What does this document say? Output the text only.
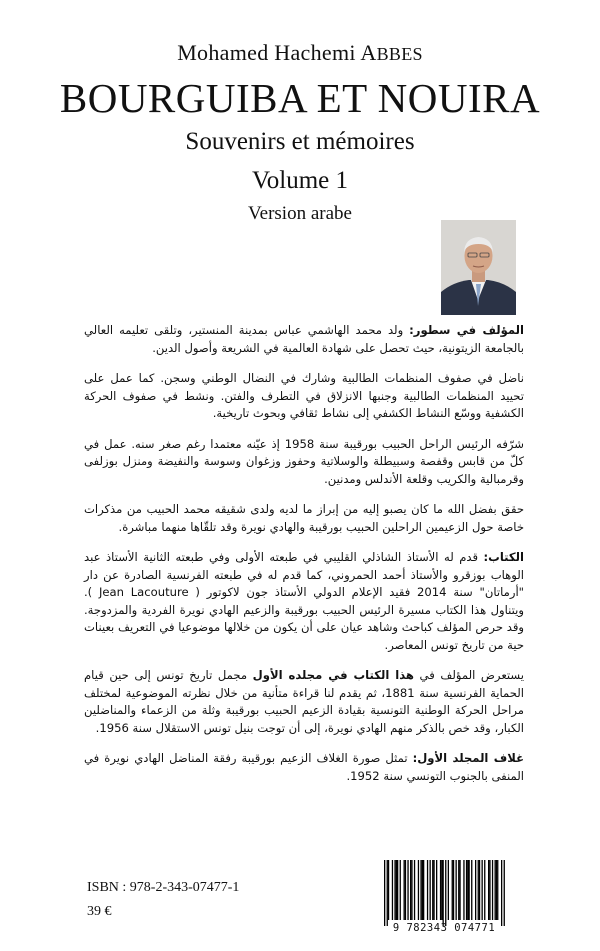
Mohamed Hachemi ABBES
BOURGUIBA ET NOUIRA
Souvenirs et mémoires
Volume 1
Version arabe

المؤلف في سطور: ولد محمد الهاشمي عباس بمدينة المنستير، وتلقى تعليمه العالي بالجامعة الزيتونية، حيث تحصل على شهادة العالمية في الشريعة وأصول الدين.

ناضل في صفوف المنظمات الطالبية وشارك في النضال الوطني وسجن. كما عمل على تحييد المنظمات الطالبية وجنبها الانزلاق في التطرف والفتن. ونشط في صفوف الحركة الكشفية ووسّع النشاط الكشفي إلى نشاط ثقافي وبحوث تاريخية.

شرّفه الرئيس الراحل الحبيب بورقيبة سنة 1958 إذ عيّنه معتمدا رغم صغر سنه. عمل في كلّ من قابس وقفصة وسبيطلة والوسلاتية وحفوز وزغوان وسوسة والنفيضة ومنزل بوزلفى وقرمبالية والكريب وقلعة الأندلس ومدنين.

حقق بفضل الله ما كان يصبو إليه من إبراز ما لديه ولدى شقيقه محمد الحبيب من مذكرات خاصة حول الزعيمين الراحلين الحبيب بورقيبة والهادي نويرة وقد تلقّاها منهما مباشرة.

الكتاب: قدم له الأستاذ الشاذلي القليبي في طبعته الأولى وفي طبعته الثانية الأستاذ عبد الوهاب بوزقرو والأستاذ أحمد الحمروني، كما قدم له في طبعته الفرنسية الصادرة عن دار "أرماتان" سنة 2014 فقيد الإعلام الدولي الأستاذ جون لاكوتور ( Jean Lacouture ). ويتناول هذا الكتاب مسيرة الرئيس الحبيب بورقيبة والزعيم الهادي نويرة الفردية والمزدوجة. وقد حرص المؤلف كباحث وشاهد عيان على أن يكون من خلالها موضوعيا في التعريف بعينات حية من تاريخ تونس المعاصر.

يستعرض المؤلف في هذا الكتاب في مجلده الأول مجمل تاريخ تونس إلى حين قيام الحماية الفرنسية سنة 1881، ثم يقدم لنا قراءة متأنية من خلال نظرته الموضوعية لمختلف مراحل الحركة الوطنية التونسية بقيادة الزعيم الحبيب بورقيبة وثلة من الزعماء والمناضلين الكبار، وقد خص بالذكر منهم الهادي نويرة، إلى أن توجت بنيل تونس الاستقلال سنة 1956.

غلاف المجلد الأول: تمثل صورة الغلاف الزعيم بورقيبة رفقة المناضل الهادي نويرة في المنفى بالجنوب التونسي سنة 1952.

ISBN : 978-2-343-07477-1
39 €
9 782343 074771
